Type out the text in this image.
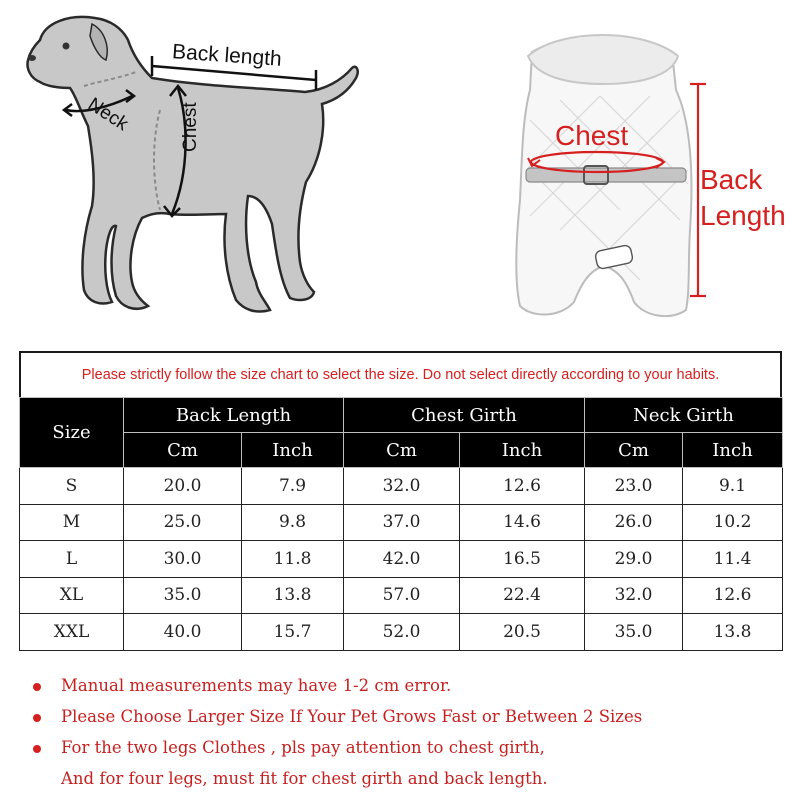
Back length
Neck	Chest	Chest
Back
Length
Please strictly follow the size chart to select the size. Do not select directly according to your habits.
Size	Back Length		Chest Girth		Neck Girth	
	Cm	Inch	Cm	Inch	Cm	Inch
S	20.0	7.9	32.0	12.6	23.0	9.1
M	25.0	9.8	37.0	14.6	26.0	10.2
L	30.0	11.8	42.0	16.5	29.0	11.4
XL	35.0	13.8	57.0	22.4	32.0	12.6
XXL	40.0	15.7	52.0	20.5	35.0	13.8
Manual measurements may have 1-2 cm error.
Please Choose Larger Size If Your Pet Grows Fast or Between 2 Sizes
For the two legs Clothes , pls pay attention to chest girth,
And for four legs, must fit for chest girth and back length.
